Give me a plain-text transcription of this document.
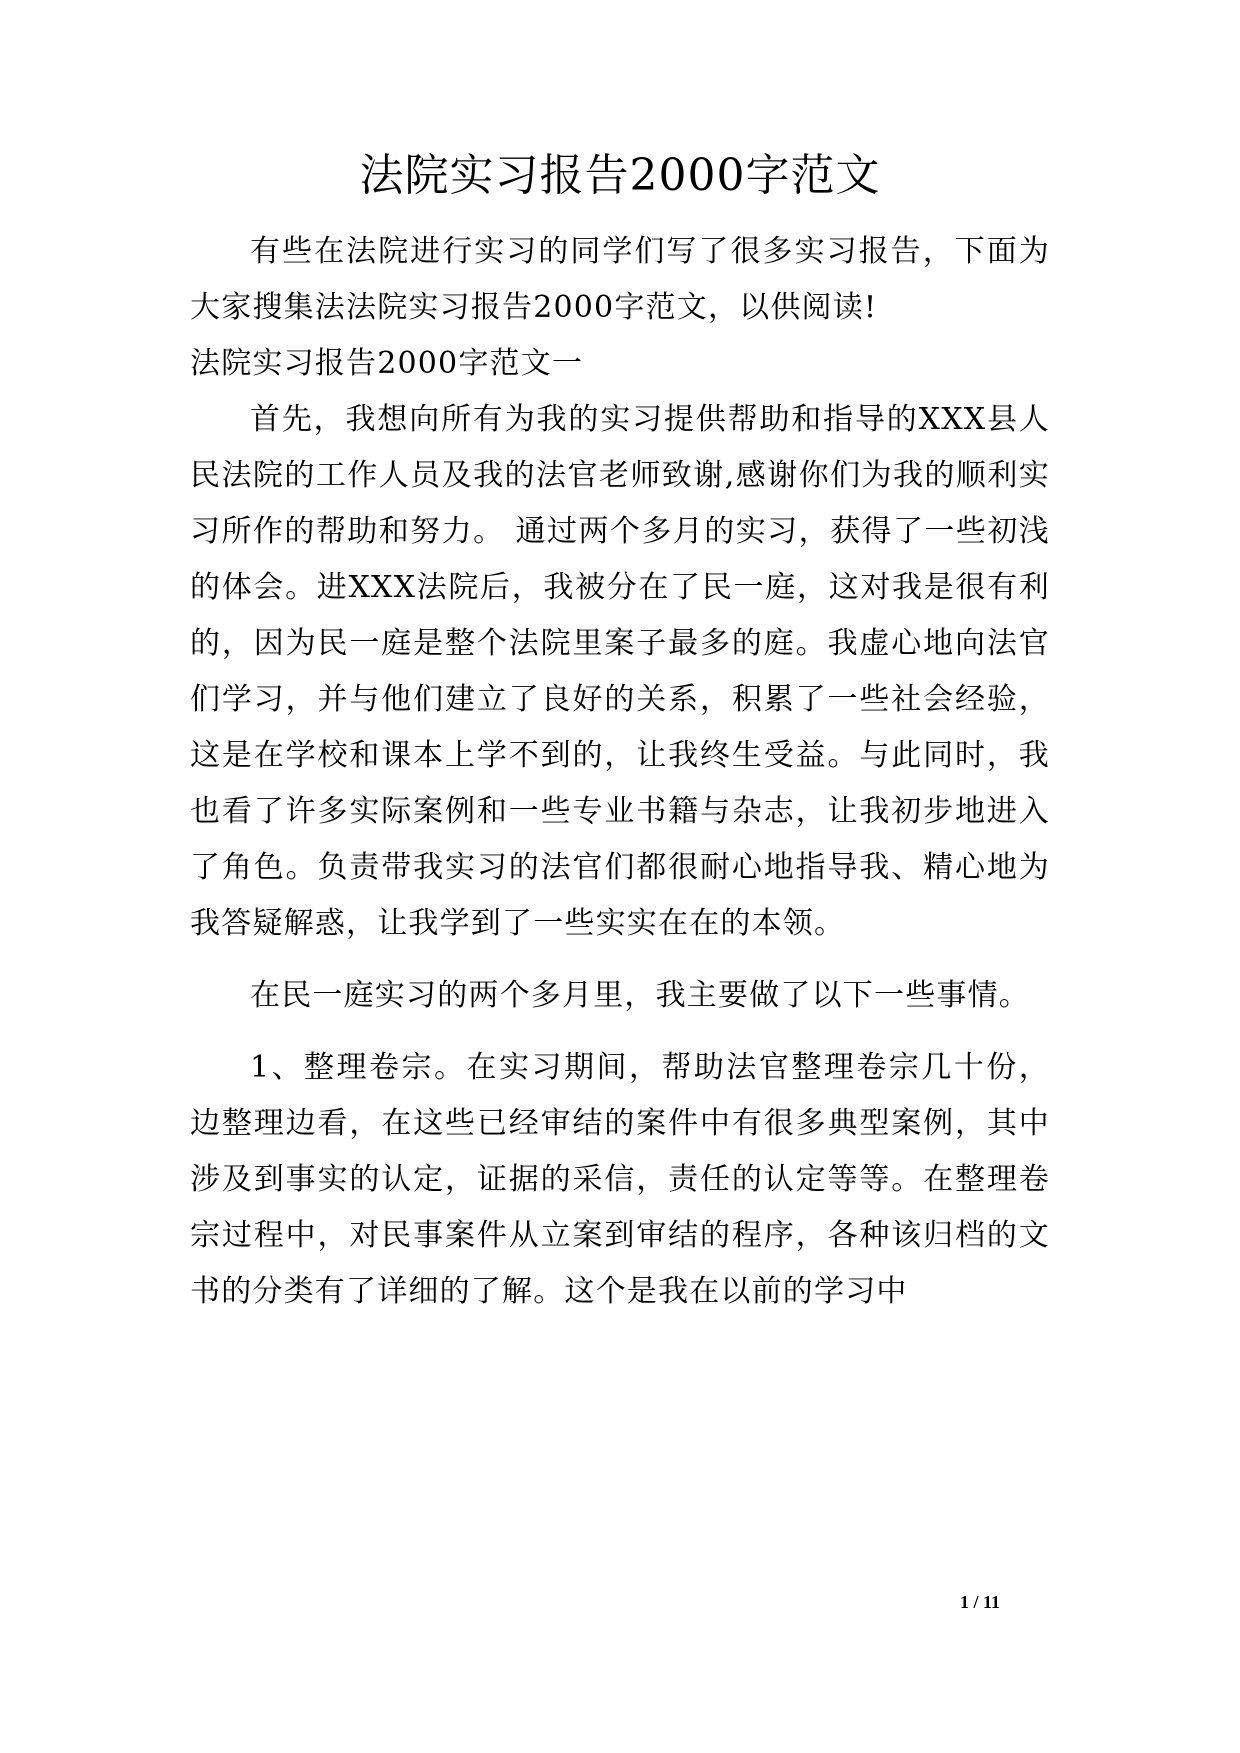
法院实习报告2000字范文

有些在法院进行实习的同学们写了很多实习报告，下面为大家搜集法法院实习报告2000字范文，以供阅读!

法院实习报告2000字范文一

首先，我想向所有为我的实习提供帮助和指导的XXX县人民法院的工作人员及我的法官老师致谢,感谢你们为我的顺利实习所作的帮助和努力。 通过两个多月的实习，获得了一些初浅的体会。进XXX法院后，我被分在了民一庭，这对我是很有利的，因为民一庭是整个法院里案子最多的庭。我虚心地向法官们学习，并与他们建立了良好的关系，积累了一些社会经验，这是在学校和课本上学不到的，让我终生受益。与此同时，我也看了许多实际案例和一些专业书籍与杂志，让我初步地进入了角色。负责带我实习的法官们都很耐心地指导我、精心地为我答疑解惑，让我学到了一些实实在在的本领。

在民一庭实习的两个多月里，我主要做了以下一些事情。

1、整理卷宗。在实习期间，帮助法官整理卷宗几十份，边整理边看，在这些已经审结的案件中有很多典型案例，其中涉及到事实的认定，证据的采信，责任的认定等等。在整理卷宗过程中，对民事案件从立案到审结的程序，各种该归档的文书的分类有了详细的了解。这个是我在以前的学习中

1 / 11
